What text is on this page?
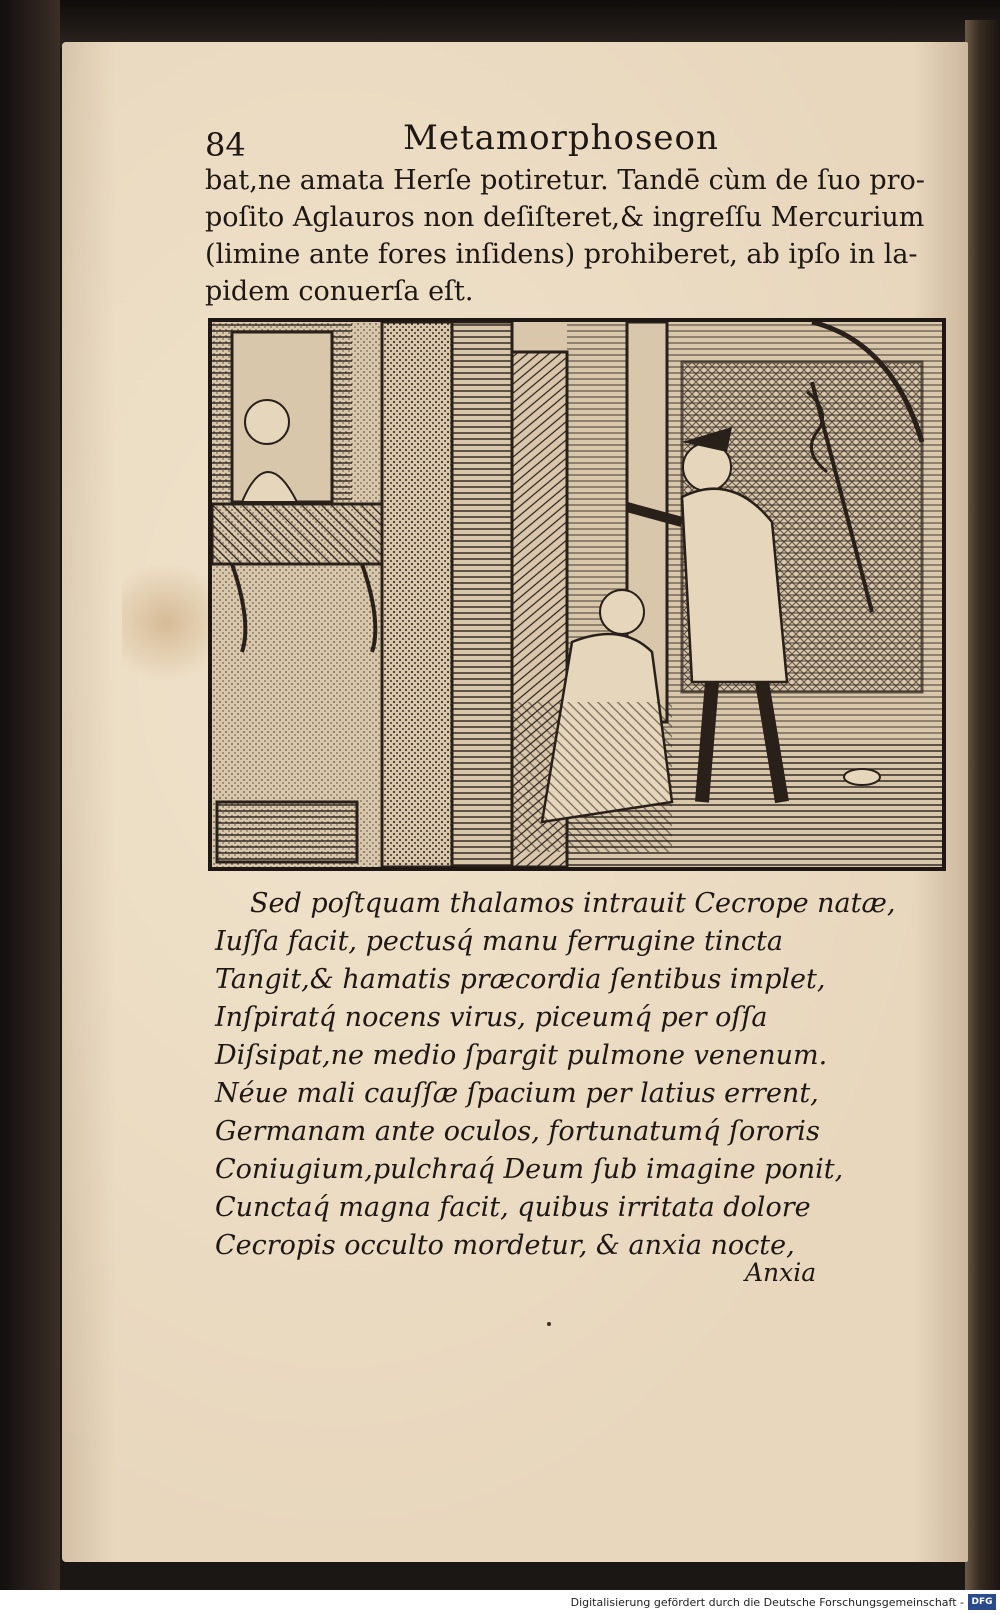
84	Metamorphoseon
bat,ne amata Herſe potiretur. Tandē cùm de ſuo pro-
poſito Aglauros non deſiſteret,& ingreſſu Mercurium
(limine ante fores inſidens) prohiberet, ab ipſo in la-
pidem conuerſa eſt.
Sed poſtquam thalamos intrauit Cecrope natæ,
Iuſſa facit, pectusq́ manu ferrugine tincta
Tangit,& hamatis præcordia ſentibus implet,
Inſpiratq́ nocens virus, piceumq́ per oſſa
Diſsipat,ne medio ſpargit pulmone venenum.
Néue mali cauſſæ ſpacium per latius errent,
Germanam ante oculos, fortunatumq́ ſororis
Coniugium,pulchraq́ Deum ſub imagine ponit,
Cunctaq́ magna facit, quibus irritata dolore
Cecropis occulto mordetur, & anxia nocte,
Anxia
Digitalisierung gefördert durch die Deutsche Forschungsgemeinschaft - DFG
